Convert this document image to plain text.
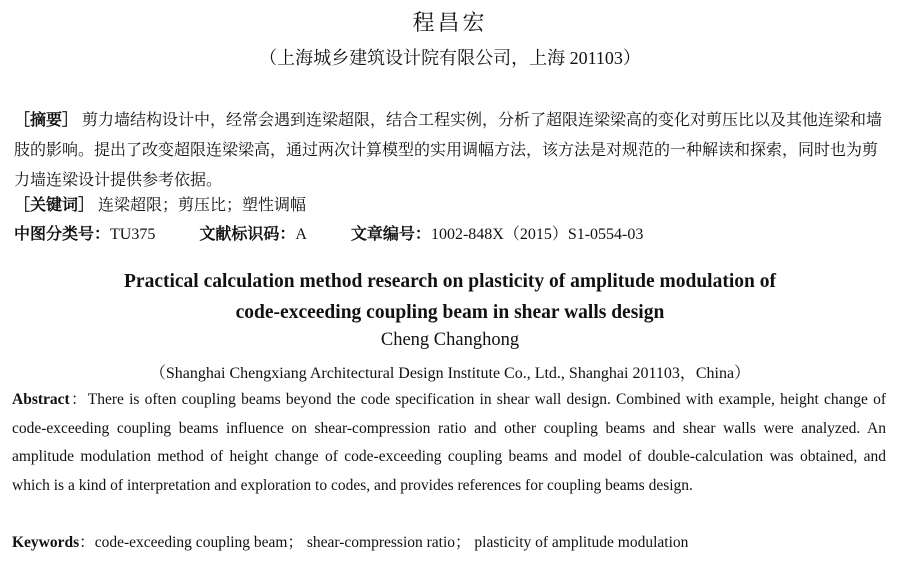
程昌宏
（上海城乡建筑设计院有限公司，上海 201103）
［摘要］ 剪力墙结构设计中，经常会遇到连梁超限，结合工程实例，分析了超限连梁梁高的变化对剪压比以及其他连梁和墙肢的影响。提出了改变超限连梁梁高，通过两次计算模型的实用调幅方法，该方法是对规范的一种解读和探索，同时也为剪力墙连梁设计提供参考依据。
［关键词］ 连梁超限；剪压比；塑性调幅
中图分类号：TU375	文献标识码：A	文章编号：1002-848X（2015）S1-0554-03
Practical calculation method research on plasticity of amplitude modulation of
code-exceeding coupling beam in shear walls design
Cheng Changhong
（Shanghai Chengxiang Architectural Design Institute Co., Ltd., Shanghai 201103，China）
Abstract：There is often coupling beams beyond the code specification in shear wall design. Combined with example, height change of code-exceeding coupling beams influence on shear-compression ratio and other coupling beams and shear walls were analyzed. An amplitude modulation method of height change of code-exceeding coupling beams and model of double-calculation was obtained, and which is a kind of interpretation and exploration to codes, and provides references for coupling beams design.
Keywords：code-exceeding coupling beam； shear-compression ratio； plasticity of amplitude modulation
